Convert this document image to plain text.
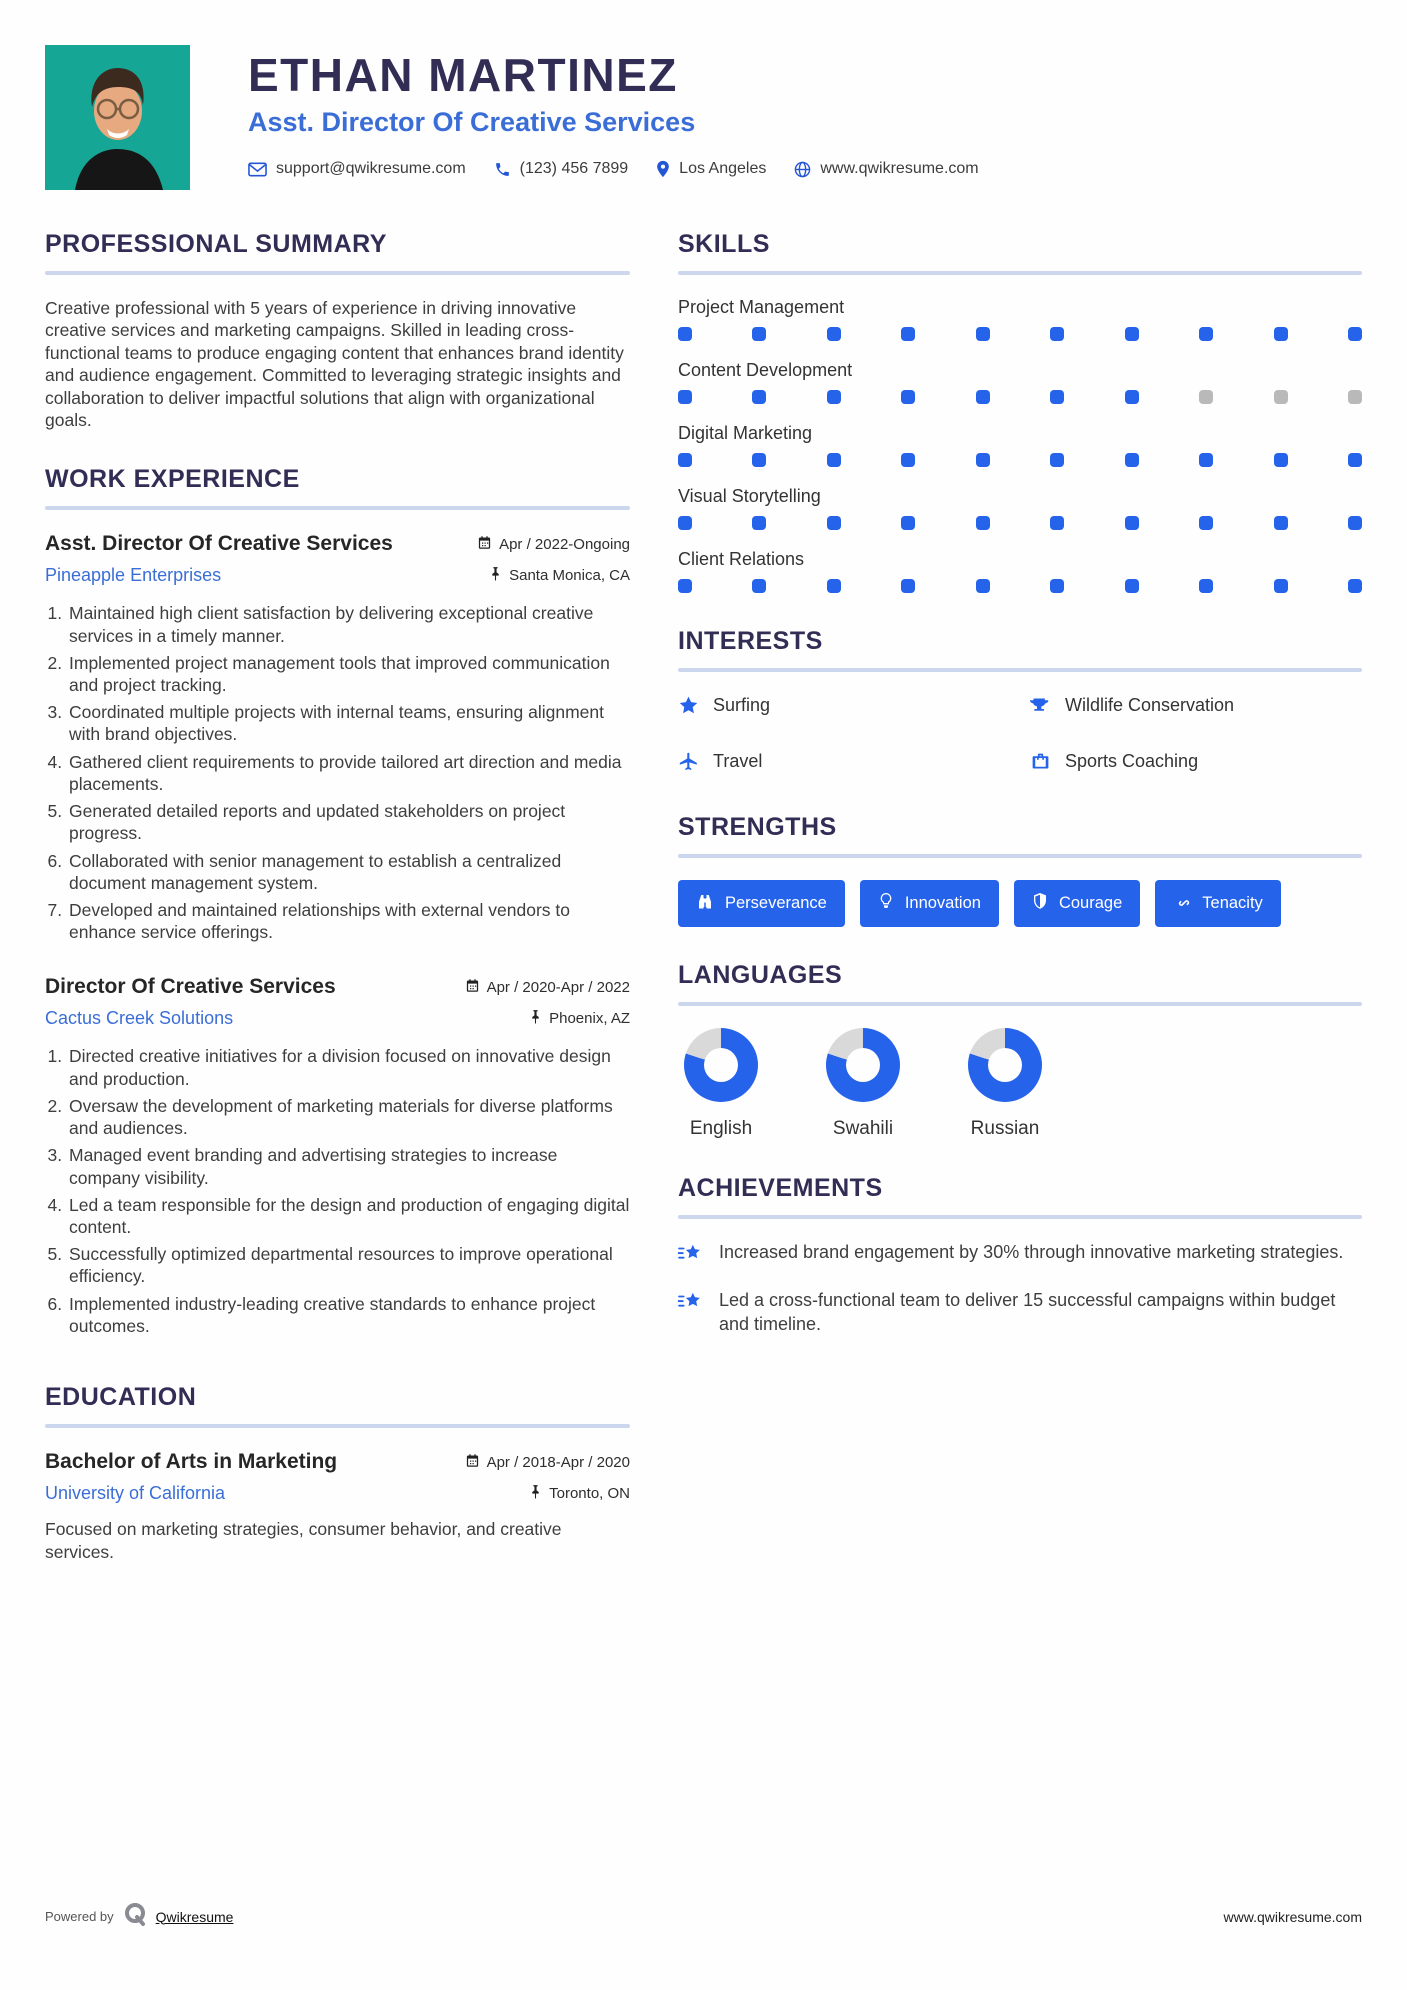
ETHAN MARTINEZ
Asst. Director Of Creative Services
support@qwikresume.com	(123) 456 7899	Los Angeles	www.qwikresume.com
PROFESSIONAL SUMMARY

Creative professional with 5 years of experience in driving innovative creative services and marketing campaigns. Skilled in leading cross-functional teams to produce engaging content that enhances brand identity and audience engagement. Committed to leveraging strategic insights and collaboration to deliver impactful solutions that align with organizational goals.

WORK EXPERIENCE
Asst. Director Of Creative Services	Apr / 2022-Ongoing
Pineapple Enterprises	Santa Monica, CA
1. Maintained high client satisfaction by delivering exceptional creative services in a timely manner.
2. Implemented project management tools that improved communication and project tracking.
3. Coordinated multiple projects with internal teams, ensuring alignment with brand objectives.
4. Gathered client requirements to provide tailored art direction and media placements.
5. Generated detailed reports and updated stakeholders on project progress.
6. Collaborated with senior management to establish a centralized document management system.
7. Developed and maintained relationships with external vendors to enhance service offerings.
Director Of Creative Services	Apr / 2020-Apr / 2022
Cactus Creek Solutions	Phoenix, AZ
1. Directed creative initiatives for a division focused on innovative design and production.
2. Oversaw the development of marketing materials for diverse platforms and audiences.
3. Managed event branding and advertising strategies to increase company visibility.
4. Led a team responsible for the design and production of engaging digital content.
5. Successfully optimized departmental resources to improve operational efficiency.
6. Implemented industry-leading creative standards to enhance project outcomes.
EDUCATION
Bachelor of Arts in Marketing	Apr / 2018-Apr / 2020
University of California	Toronto, ON

Focused on marketing strategies, consumer behavior, and creative services.

SKILLS
Project Management
Content Development
Digital Marketing
Visual Storytelling
Client Relations
INTERESTS
Surfing	Wildlife Conservation
Travel	Sports Coaching
STRENGTHS
Perseverance	Innovation	Courage	Tenacity
LANGUAGES
English	Swahili	Russian
ACHIEVEMENTS
Increased brand engagement by 30% through innovative marketing strategies.
Led a cross-functional team to deliver 15 successful campaigns within budget and timeline.
Powered by	Qwikresume	www.qwikresume.com
